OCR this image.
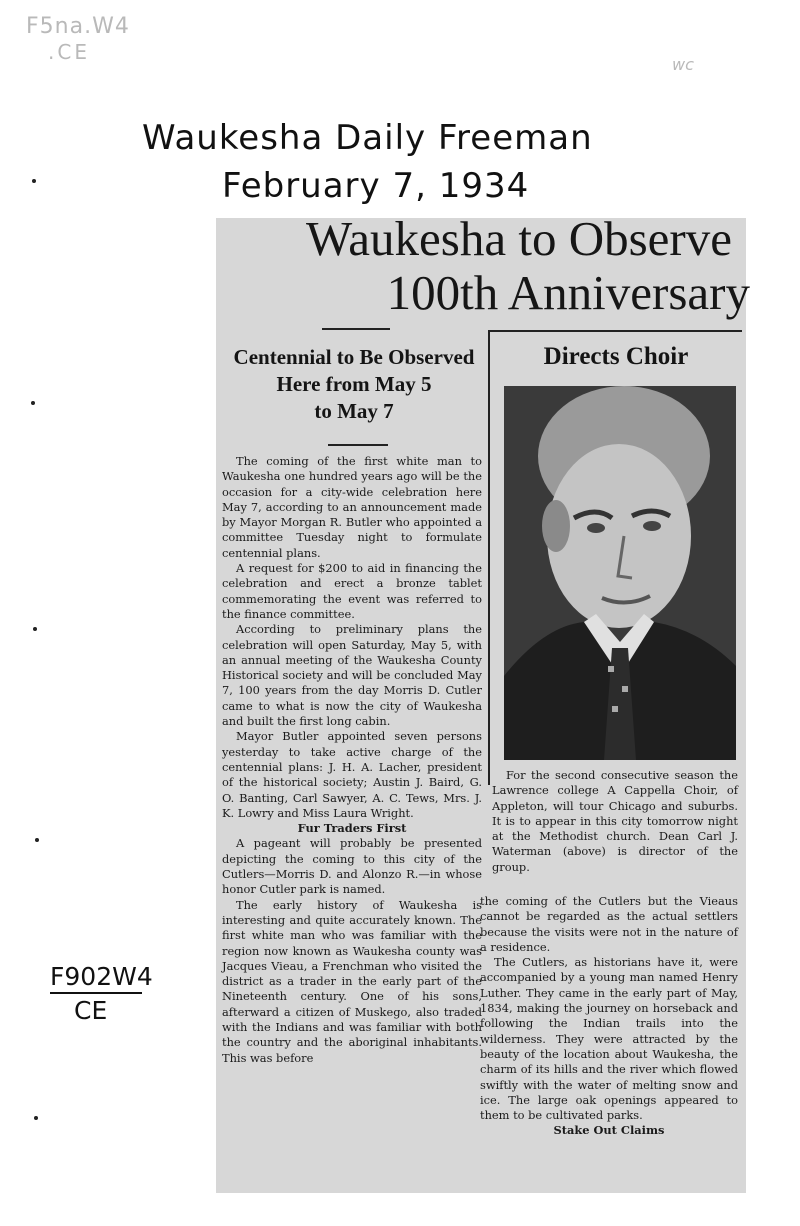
F5na.W4
.CE
wc
Waukesha Daily Freeman
February 7, 1934
F902W4
CE
Waukesha to Observe
100th Anniversary
Centennial to Be Observed
Here from May 5
to May 7
Directs Choir

For the second consecutive season the Lawrence college A Cappella Choir, of Appleton, will tour Chicago and suburbs. It is to appear in this city tomorrow night at the Methodist church. Dean Carl J. Waterman (above) is director of the group.

The coming of the first white man to Waukesha one hundred years ago will be the occasion for a city-wide celebration here May 7, according to an announcement made by Mayor Morgan R. Butler who appointed a committee Tuesday night to formulate centennial plans.

A request for $200 to aid in financing the celebration and erect a bronze tablet commemorating the event was referred to the finance committee.

According to preliminary plans the celebration will open Saturday, May 5, with an annual meeting of the Waukesha County Historical society and will be concluded May 7, 100 years from the day Morris D. Cutler came to what is now the city of Waukesha and built the first long cabin.

Mayor Butler appointed seven persons yesterday to take active charge of the centennial plans: J. H. A. Lacher, president of the historical society; Austin J. Baird, G. O. Banting, Carl Sawyer, A. C. Tews, Mrs. J. K. Lowry and Miss Laura Wright.

Fur Traders First

A pageant will probably be presented depicting the coming to this city of the Cutlers—Morris D. and Alonzo R.—in whose honor Cutler park is named.

The early history of Waukesha is interesting and quite accurately known. The first white man who was familiar with the region now known as Waukesha county was Jacques Vieau, a Frenchman who visited the district as a trader in the early part of the Nineteenth century. One of his sons, afterward a citizen of Muskego, also traded with the Indians and was familiar with both the country and the aboriginal inhabitants. This was before

the coming of the Cutlers but the Vieaus cannot be regarded as the actual settlers because the visits were not in the nature of a residence.

The Cutlers, as historians have it, were accompanied by a young man named Henry Luther. They came in the early part of May, 1834, making the journey on horseback and following the Indian trails into the wilderness. They were attracted by the beauty of the location about Waukesha, the charm of its hills and the river which flowed swiftly with the water of melting snow and ice. The large oak openings appeared to them to be cultivated parks.

Stake Out Claims
